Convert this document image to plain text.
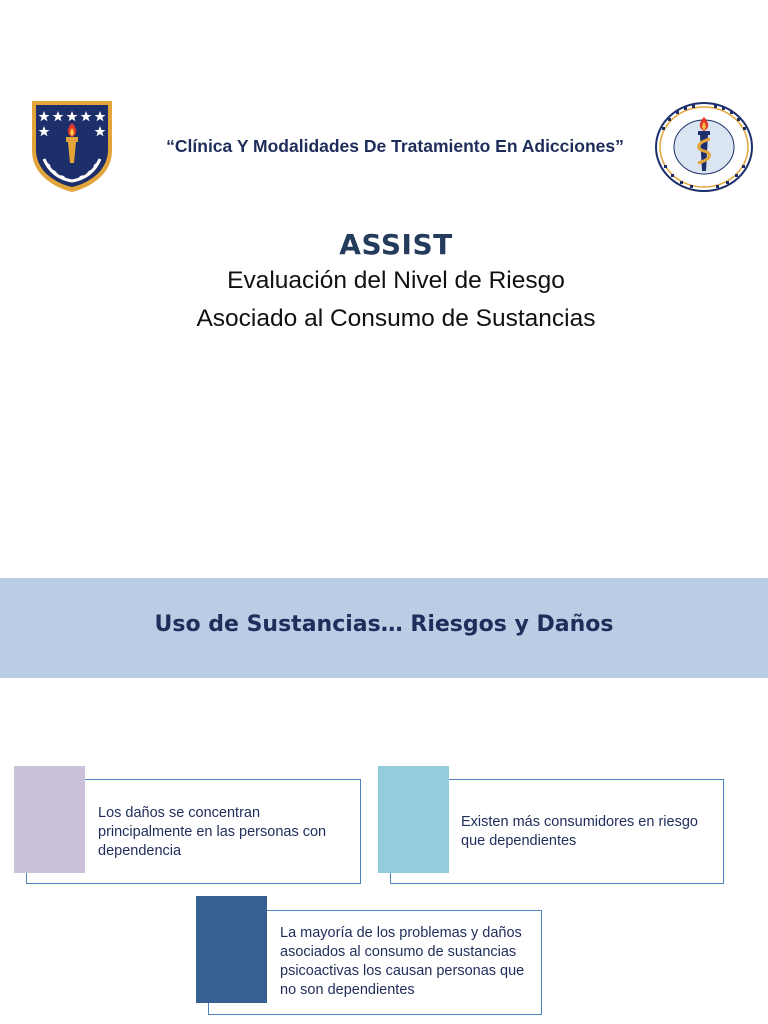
“Clínica Y Modalidades De Tratamiento En Adicciones”
ASSIST
Evaluación del Nivel de Riesgo
Asociado al Consumo de Sustancias
Uso de Sustancias… Riesgos y Daños
Los daños se concentran principalmente en las personas con dependencia
Existen más consumidores en riesgo que dependientes
La mayoría de los problemas y daños asociados al consumo de sustancias psicoactivas los causan personas que no son dependientes
